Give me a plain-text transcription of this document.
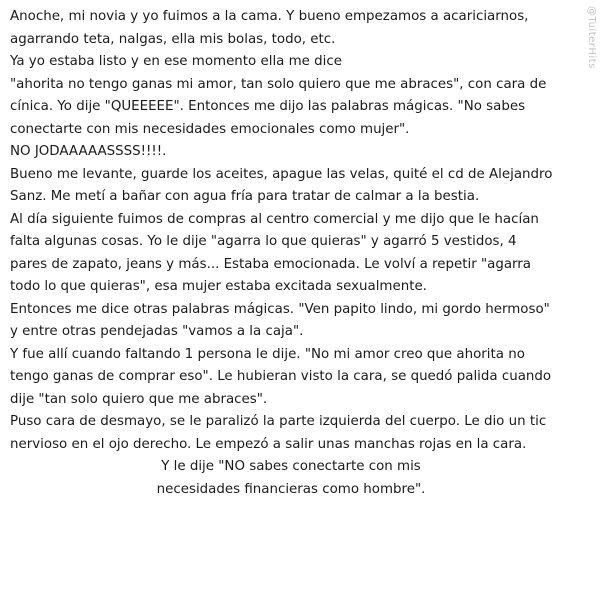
Anoche, mi novia y yo fuimos a la cama. Y bueno empezamos a acariciarnos,
agarrando teta, nalgas, ella mis bolas, todo, etc.
Ya yo estaba listo y en ese momento ella me dice
"ahorita no tengo ganas mi amor, tan solo quiero que me abraces", con cara de
cínica. Yo dije "QUEEEEE". Entonces me dijo las palabras mágicas. "No sabes
conectarte con mis necesidades emocionales como mujer".
NO JODAAAAASSSS!!!!.
Bueno me levante, guarde los aceites, apague las velas, quité el cd de Alejandro
Sanz. Me metí a bañar con agua fría para tratar de calmar a la bestia.
Al día siguiente fuimos de compras al centro comercial y me dijo que le hacían
falta algunas cosas. Yo le dije "agarra lo que quieras" y agarró 5 vestidos, 4
pares de zapato, jeans y más... Estaba emocionada. Le volví a repetir "agarra
todo lo que quieras", esa mujer estaba excitada sexualmente.
Entonces me dice otras palabras mágicas. "Ven papito lindo, mi gordo hermoso"
y entre otras pendejadas "vamos a la caja".
Y fue allí cuando faltando 1 persona le dije. "No mi amor creo que ahorita no
tengo ganas de comprar eso". Le hubieran visto la cara, se quedó palida cuando
dije "tan solo quiero que me abraces".
Puso cara de desmayo, se le paralizó la parte izquierda del cuerpo. Le dio un tic
nervioso en el ojo derecho. Le empezó a salir unas manchas rojas en la cara.
Y le dije "NO sabes conectarte con mis
necesidades financieras como hombre".
@TuiterHits
